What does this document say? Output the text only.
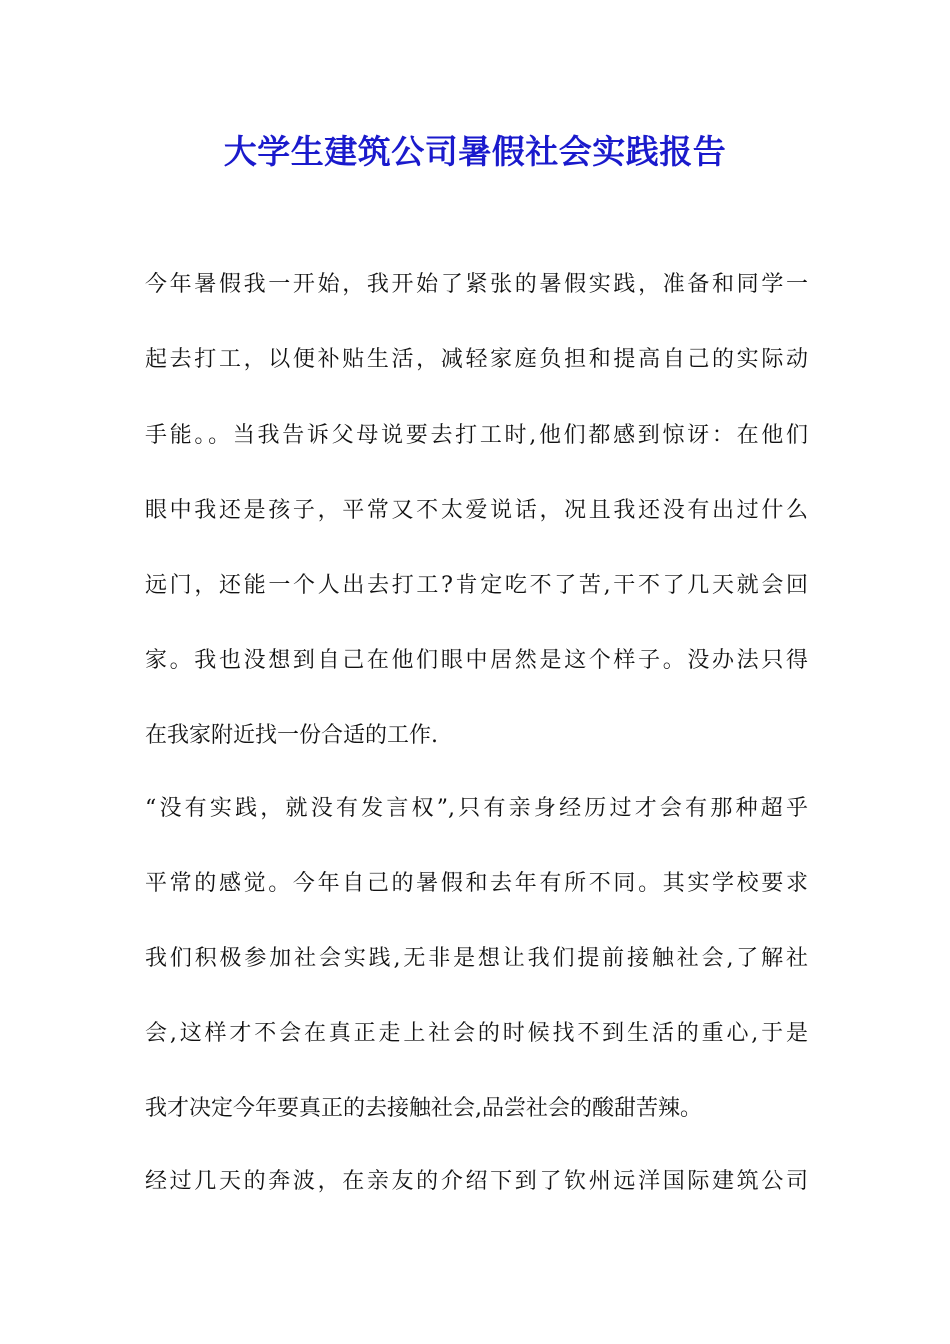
大学生建筑公司暑假社会实践报告
今年暑假我一开始，我开始了紧张的暑假实践，准备和同学一
起去打工，以便补贴生活，减轻家庭负担和提高自己的实际动
手能。。当我告诉父母说要去打工时,他们都感到惊讶：在他们
眼中我还是孩子，平常又不太爱说话，况且我还没有出过什么
远门，还能一个人出去打工?肯定吃不了苦,干不了几天就会回
家。我也没想到自己在他们眼中居然是这个样子。没办法只得
在我家附近找一份合适的工作.
“没有实践，就没有发言权”,只有亲身经历过才会有那种超乎
平常的感觉。今年自己的暑假和去年有所不同。其实学校要求
我们积极参加社会实践,无非是想让我们提前接触社会,了解社
会,这样才不会在真正走上社会的时候找不到生活的重心,于是
我才决定今年要真正的去接触社会,品尝社会的酸甜苦辣。
经过几天的奔波，在亲友的介绍下到了钦州远洋国际建筑公司
